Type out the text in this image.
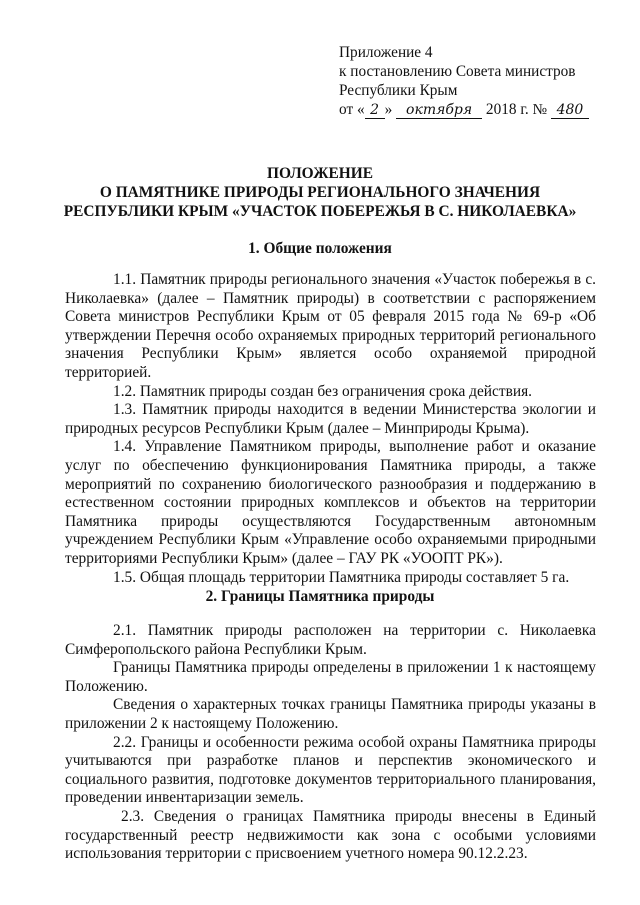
Приложение 4
к постановлению Совета министров
Республики Крым
от « 2 » октября 2018 г. № 480
ПОЛОЖЕНИЕ
О ПАМЯТНИКЕ ПРИРОДЫ РЕГИОНАЛЬНОГО ЗНАЧЕНИЯ
РЕСПУБЛИКИ КРЫМ «УЧАСТОК ПОБЕРЕЖЬЯ В С. НИКОЛАЕВКА»
1. Общие положения

1.1. Памятник природы регионального значения «Участок побережья в с. Николаевка» (далее – Памятник природы) в соответствии с распоряжением Совета министров Республики Крым от 05 февраля 2015 года № 69-р «Об утверждении Перечня особо охраняемых природных территорий регионального значения Республики Крым» является особо охраняемой природной территорией.

1.2. Памятник природы создан без ограничения срока действия.

1.3. Памятник природы находится в ведении Министерства экологии и природных ресурсов Республики Крым (далее – Минприроды Крыма).

1.4. Управление Памятником природы, выполнение работ и оказание услуг по обеспечению функционирования Памятника природы, а также мероприятий по сохранению биологического разнообразия и поддержанию в естественном состоянии природных комплексов и объектов на территории Памятника природы осуществляются Государственным автономным учреждением Республики Крым «Управление особо охраняемыми природными территориями Республики Крым» (далее – ГАУ РК «УООПТ РК»).

1.5. Общая площадь территории Памятника природы составляет 5 га.

2. Границы Памятника природы

2.1. Памятник природы расположен на территории с. Николаевка Симферопольского района Республики Крым.

Границы Памятника природы определены в приложении 1 к настоящему Положению.

Сведения о характерных точках границы Памятника природы указаны в приложении 2 к настоящему Положению.

2.2. Границы и особенности режима особой охраны Памятника природы учитываются при разработке планов и перспектив экономического и социального развития, подготовке документов территориального планирования, проведении инвентаризации земель.

2.3. Сведения о границах Памятника природы внесены в Единый государственный реестр недвижимости как зона с особыми условиями использования территории с присвоением учетного номера 90.12.2.23.
